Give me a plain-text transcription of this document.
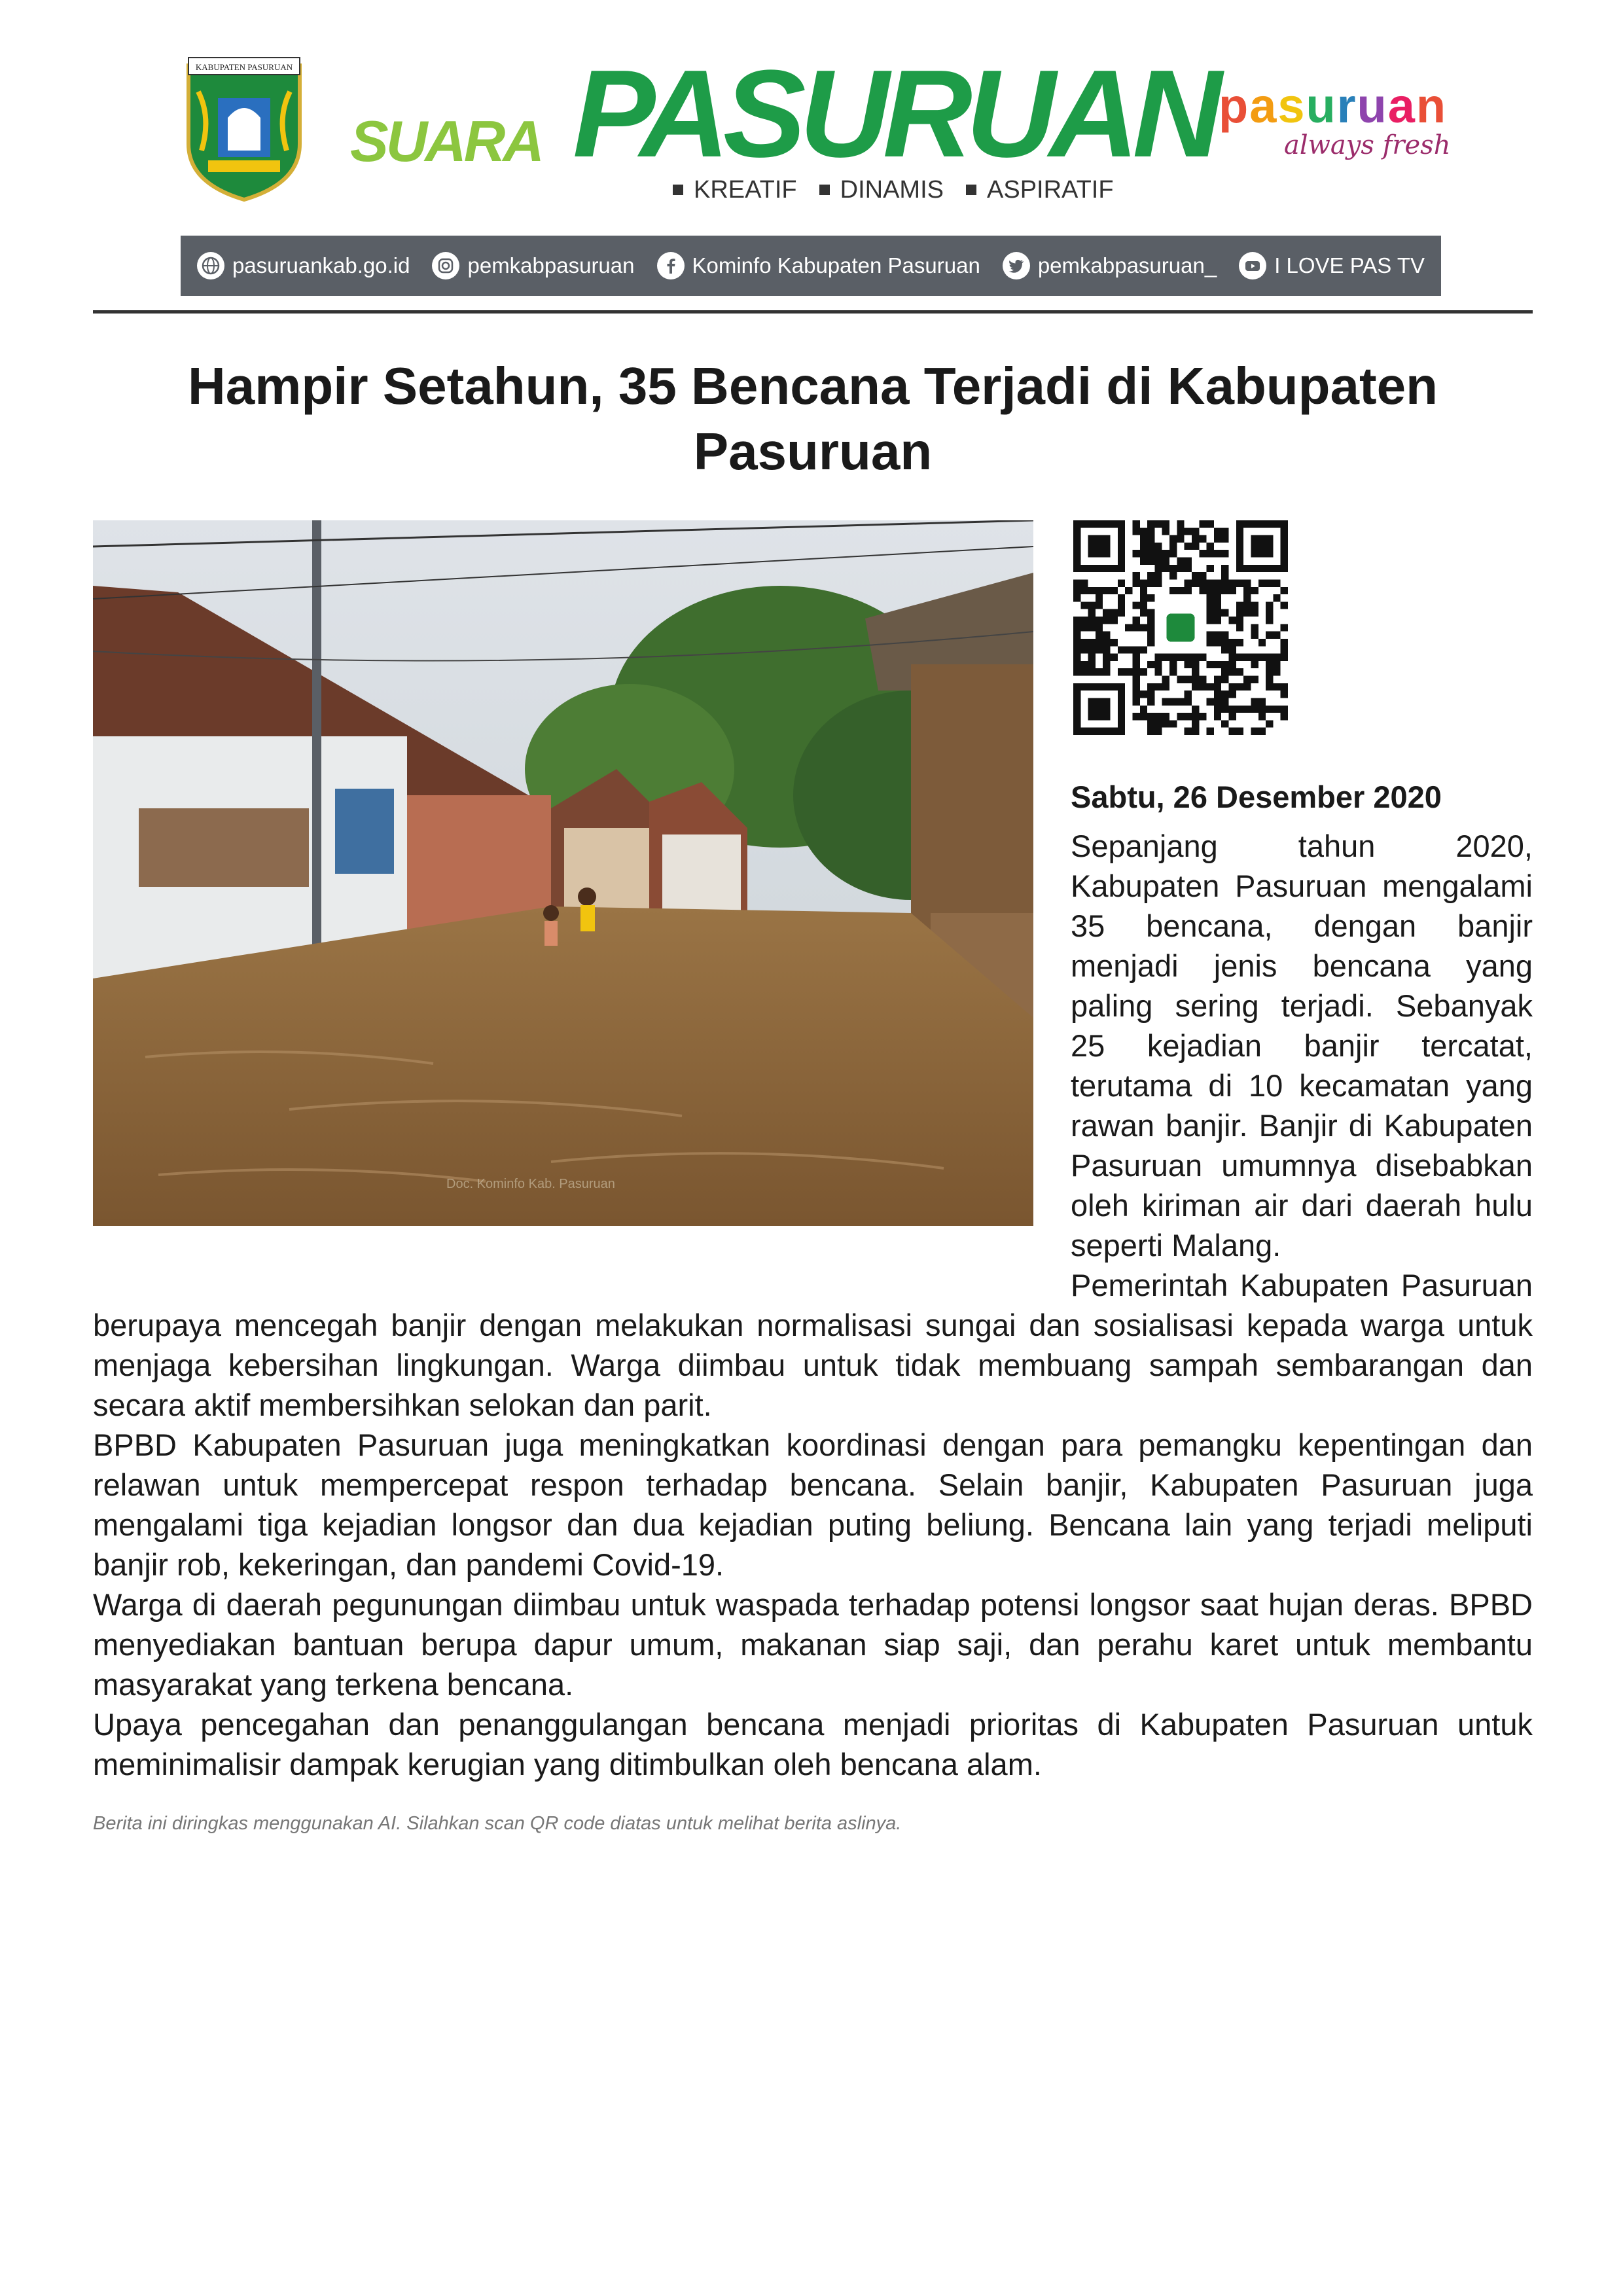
KABUPATEN PASURUAN
SUARA PASURUAN
KREATIF	DINAMIS	ASPIRATIF
pasuruan
always fresh
pasuruankab.go.id	pemkabpasuruan	Kominfo Kabupaten Pasuruan	pemkabpasuruan_	I LOVE PAS TV
Hampir Setahun, 35 Bencana Terjadi di Kabupaten Pasuruan
Doc. Kominfo Kab. Pasuruan
Sabtu, 26 Desember 2020

Sepanjang tahun 2020, Kabupaten Pasuruan mengalami 35 bencana, dengan banjir menjadi jenis bencana yang paling sering terjadi. Sebanyak 25 kejadian banjir tercatat, terutama di 10 kecamatan yang rawan banjir. Banjir di Kabupaten Pasuruan umumnya disebabkan oleh kiriman air dari daerah hulu seperti Malang.

Pemerintah Kabupaten Pasuruan berupaya mencegah banjir dengan melakukan normalisasi sungai dan sosialisasi kepada warga untuk menjaga kebersihan lingkungan. Warga diimbau untuk tidak membuang sampah sembarangan dan secara aktif membersihkan selokan dan parit.

BPBD Kabupaten Pasuruan juga meningkatkan koordinasi dengan para pemangku kepentingan dan relawan untuk mempercepat respon terhadap bencana. Selain banjir, Kabupaten Pasuruan juga mengalami tiga kejadian longsor dan dua kejadian puting beliung. Bencana lain yang terjadi meliputi banjir rob, kekeringan, dan pandemi Covid-19.

Warga di daerah pegunungan diimbau untuk waspada terhadap potensi longsor saat hujan deras. BPBD menyediakan bantuan berupa dapur umum, makanan siap saji, dan perahu karet untuk membantu masyarakat yang terkena bencana.

Upaya pencegahan dan penanggulangan bencana menjadi prioritas di Kabupaten Pasuruan untuk meminimalisir dampak kerugian yang ditimbulkan oleh bencana alam.

Berita ini diringkas menggunakan AI. Silahkan scan QR code diatas untuk melihat berita aslinya.
